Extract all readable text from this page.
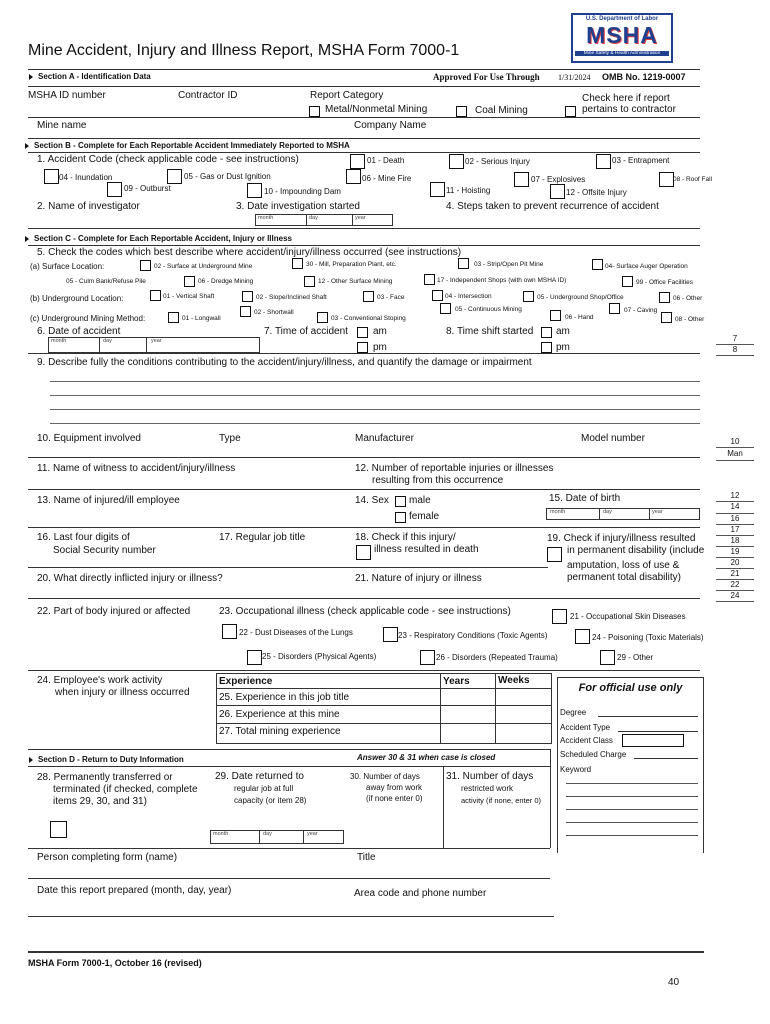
Mine Accident, Injury and Illness Report, MSHA Form 7000-1
U.S. Department of Labor
MSHA
Mine Safety & Health Administration
Section A - Identification Data	Approved For Use Through 1/31/2024 OMB No. 1219-0007
MSHA ID number	Contractor ID	Report Category
Metal/Nonmetal Mining	Coal Mining
Check here if report
pertains to contractor
Mine name	Company Name
Section B - Complete for Each Reportable Accident Immediately Reported to MSHA
1. Accident Code (check applicable code - see instructions)	01 - Death	02 - Serious Injury	03 - Entrapment
04 - Inundation	05 - Gas or Dust Ignition	06 - Mine Fire	07 - Explosives	08 - Roof Fall
09 - Outburst	10 - Impounding Dam	11 - Hoisting	12 - Offsite Injury
2. Name of investigator	3. Date investigation started
month	day	year
4. Steps taken to prevent recurrence of accident
Section C - Complete for Each Reportable Accident, Injury or Illness
5. Check the codes which best describe where accident/injury/illness occurred (see instructions)
(a) Surface Location:	02 - Surface at Underground Mine	30 - Mill, Preparation Plant, etc.	03 - Strip/Open Pit Mine	04- Surface Auger Operation
05 - Culm Bank/Refuse Pile	06 - Dredge Mining	12 - Other Surface Mining	17 - Independent Shops (with own MSHA ID)	99 - Office Facilities
(b) Underground Location:	01 - Vertical Shaft	02 - Slope/Inclined Shaft	03 - Face	04 - Intersection	05 - Underground Shop/Office	06 - Other
05 - Continuous Mining	07 - Caving
(c) Underground Mining Method:	01 - Longwall
02 - Shortwall
03 - Conventional Stoping	06 - Hand	08 - Other
6. Date of accident
month	day	year
7. Time of accident	am
pm
8. Time shift started am
pm
9. Describe fully the conditions contributing to the accident/injury/illness, and quantify the damage or impairment
10. Equipment involved	Type	Manufacturer	Model number
11. Name of witness to accident/injury/illness	12. Number of reportable injuries or illnesses
resulting from this occurrence
13. Name of injured/ill employee	14. Sex male
female
15. Date of birth
month	day	year
16. Last four digits of
Social Security number
17. Regular job title	18. Check if this injury/
illness resulted in death
19. Check if injury/illness resulted
in permanent disability (include
amputation, loss of use &
permanent total disability)
20. What directly inflicted injury or illness?	21. Nature of injury or illness
22. Part of body injured or affected	23. Occupational illness (check applicable code - see instructions)	21 - Occupational Skin Diseases
22 - Dust Diseases of the Lungs	23 - Respiratory Conditions (Toxic Agents)	24 - Poisoning (Toxic Materials)
25 - Disorders (Physical Agents)	26 - Disorders (Repeated Trauma)	29 - Other
24. Employee's work activity
when injury or illness occurred
Experience	Years	Weeks
25. Experience in this job title
26. Experience at this mine
27. Total mining experience
For official use only
Degree
Accident Type
Accident Class
Scheduled Charge
Keyword
Section D - Return to Duty Information	Answer 30 & 31 when case is closed
28. Permanently transferred or
terminated (if checked, complete
items 29, 30, and 31)
29. Date returned to
regular job at full
capacity (or item 28)
month	day	year
30. Number of days
away from work
(if none enter 0)
31. Number of days
restricted work
activity (if none, enter 0)
Person completing form (name)	Title
Date this report prepared (month, day, year)	Area code and phone number
MSHA Form 7000-1, October 16 (revised)
40
7
8
10
Man
12
14
16
17
18
19
20
21
22
24
